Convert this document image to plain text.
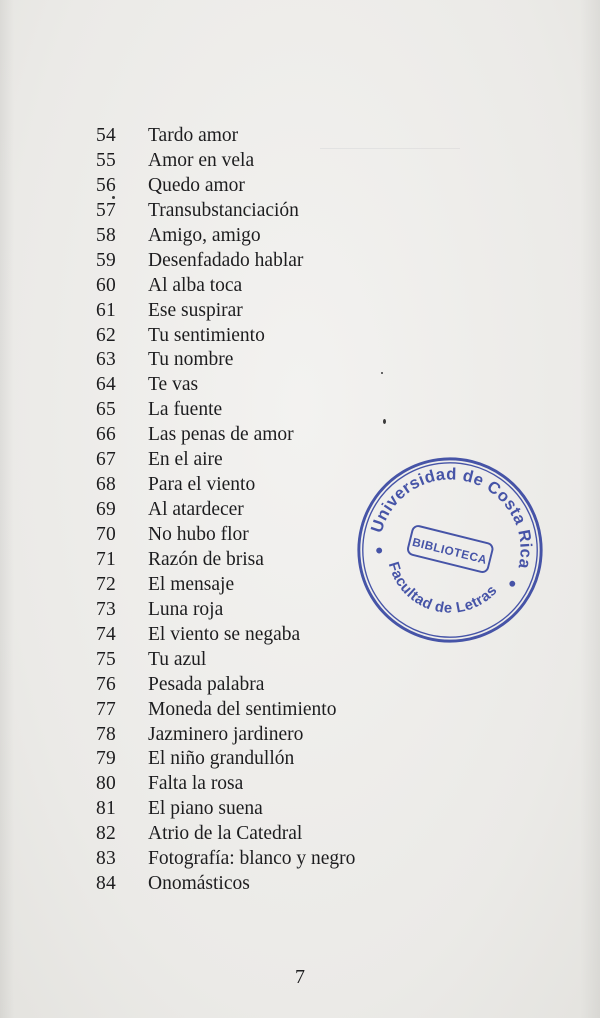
54	Tardo amor
55	Amor en vela
56	Quedo amor
57	Transubstanciación
58	Amigo, amigo
59	Desenfadado hablar
60	Al alba toca
61	Ese suspirar
62	Tu sentimiento
63	Tu nombre
64	Te vas
65	La fuente
66	Las penas de amor
67	En el aire
68	Para el viento
69	Al atardecer
70	No hubo flor
71	Razón de brisa
72	El mensaje
73	Luna roja
74	El viento se negaba
75	Tu azul
76	Pesada palabra
77	Moneda del sentimiento
78	Jazminero jardinero
79	El niño grandullón
80	Falta la rosa
81	El piano suena
82	Atrio de la Catedral
83	Fotografía: blanco y negro
84	Onomásticos
Universidad de Costa Rica
BIBLIOTECA
Facultad de Letras
7
